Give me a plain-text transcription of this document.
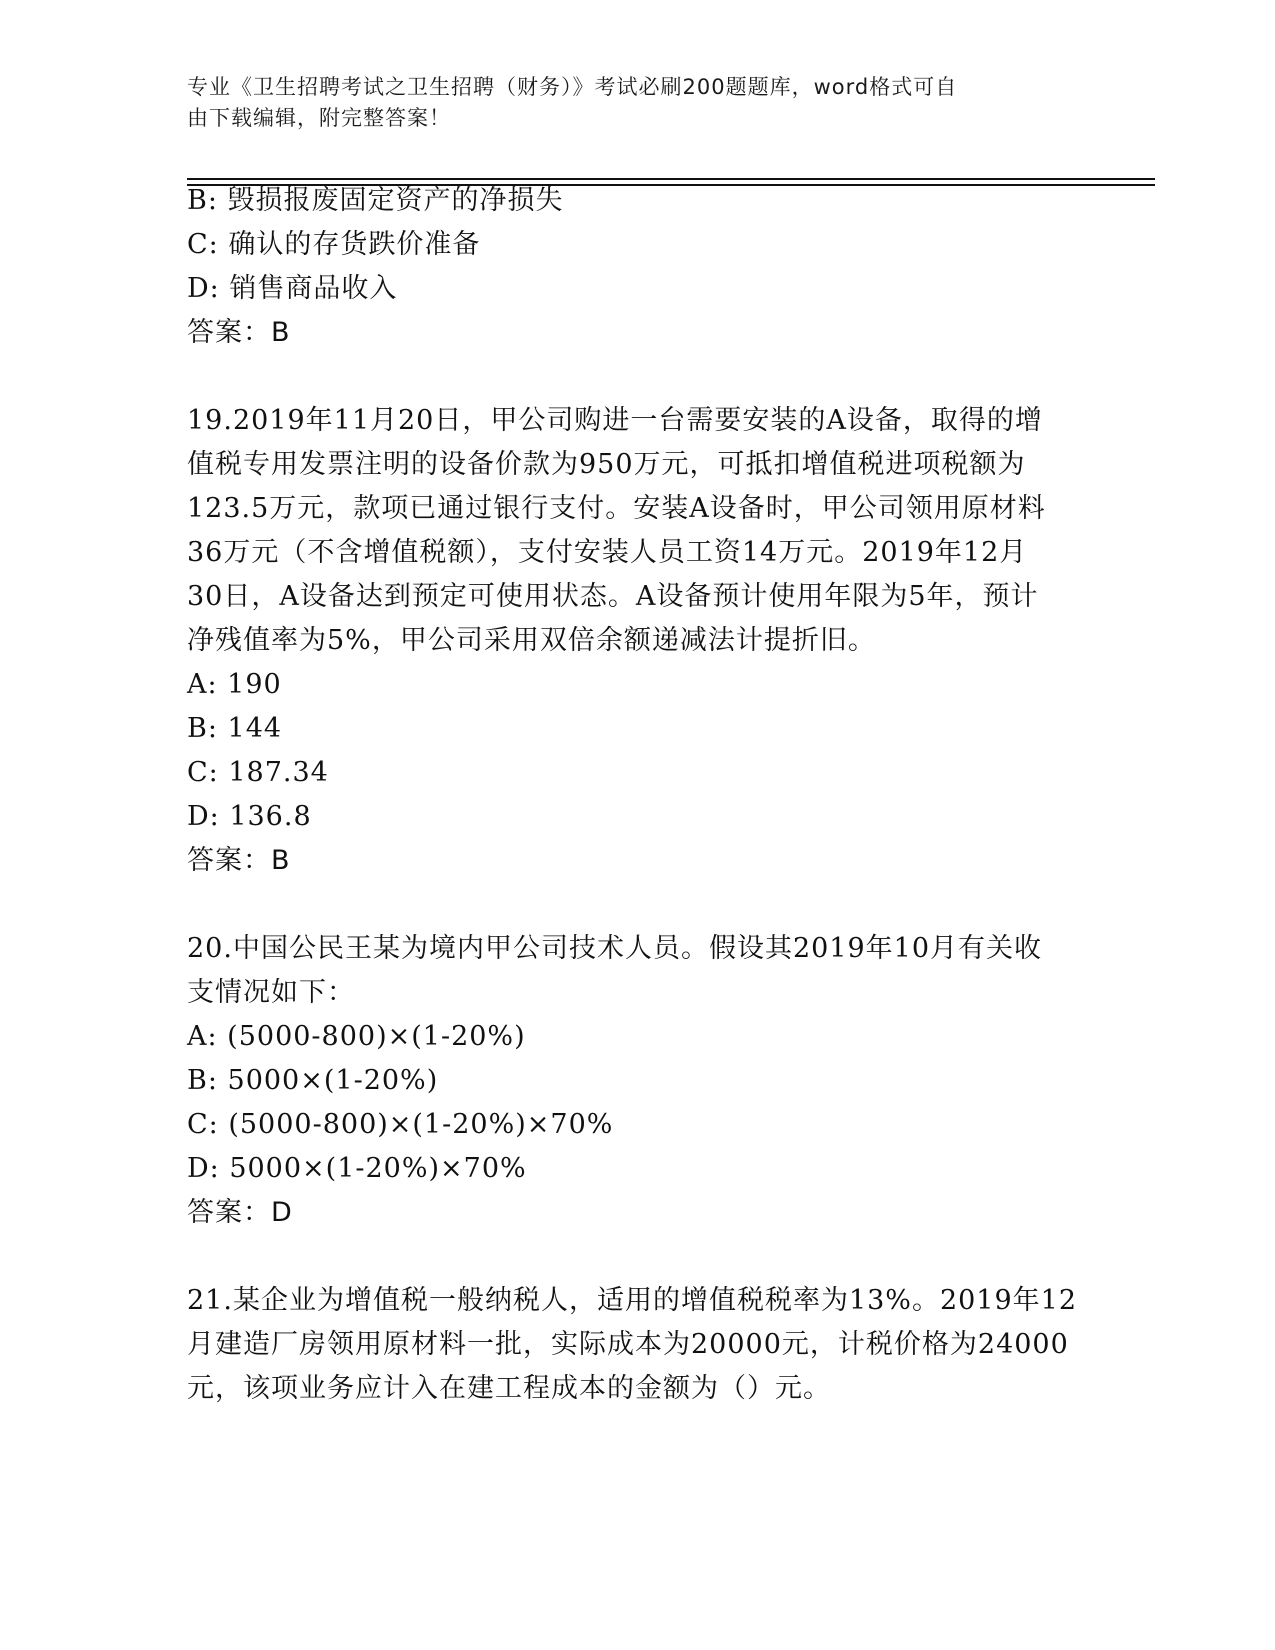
专业《卫生招聘考试之卫生招聘（财务）》考试必刷200题题库，word格式可自
由下载编辑，附完整答案！

B: 毁损报废固定资产的净损失

C: 确认的存货跌价准备

D: 销售商品收入

答案：B

19.2019年11月20日，甲公司购进一台需要安装的A设备，取得的增

值税专用发票注明的设备价款为950万元，可抵扣增值税进项税额为

123.5万元，款项已通过银行支付。安装A设备时，甲公司领用原材料

36万元（不含增值税额），支付安装人员工资14万元。2019年12月

30日，A设备达到预定可使用状态。A设备预计使用年限为5年，预计

净残值率为5%，甲公司采用双倍余额递减法计提折旧。

A: 190

B: 144

C: 187.34

D: 136.8

答案：B

20.中国公民王某为境内甲公司技术人员。假设其2019年10月有关收

支情况如下：

A: (5000-800)×(1-20%)

B: 5000×(1-20%)

C: (5000-800)×(1-20%)×70%

D: 5000×(1-20%)×70%

答案：D

21.某企业为增值税一般纳税人，适用的增值税税率为13%。2019年12

月建造厂房领用原材料一批，实际成本为20000元，计税价格为24000

元，该项业务应计入在建工程成本的金额为（）元。
